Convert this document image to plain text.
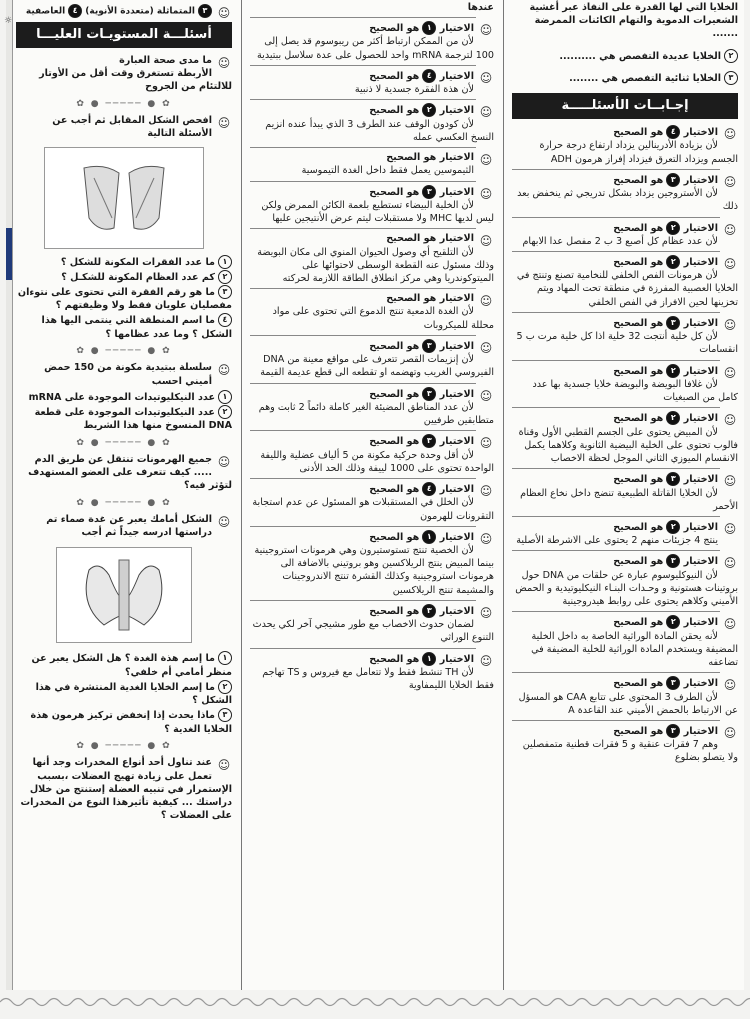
☼
الخلايا التي لها القدرة على النفاذ عبر أغشية الشعيرات الدموية والتهام الكائنات الممرضة .......
٢الخلايا عديدة التفصص هي ..........
٣الخلايا ثنائية التفصص هي ........
إجـابــات الأسئلـــــة
☺
الاختيار ٤هو الصحيح
لأن بزيادة الأدرينالين يزداد ارتفاع درجة حرارة الجسم ويزداد التعرق فيزداد إفراز هرمون ADH
☺
الاختيار ٣هو الصحيح
لأن الأستروجين يزداد بشكل تدريجي ثم ينخفض بعد ذلك
☺
الاختيار ٢هو الصحيح
لأن عدد عظام كل أصبع 3 ب 2 مفصل عدا الابهام
☺
الاختيار ٢هو الصحيح
لأن هرمونات الفص الخلفي للنخامية تصنع وتنتج في الخلايا العصبية المفرزة في منطقة تحت المهاد ويتم تخزينها لحين الافراز في الفص الخلفي
☺
الاختيار ٣هو الصحيح
لأن كل خلية أنتجت 32 خلية اذا كل خلية مرت ب 5 انقسامات
☺
الاختيار ٢هو الصحيح
لأن غلافا البويضة والبويضة خلايا جسدية بها عدد كامل من الصبغيات
☺
الاختيار ٢هو الصحيح
لأن المبيض يحتوى على الجسم القطبي الأول وقناة فالوب تحتوى على الخلية البيضية الثانوية وكلاهما يكمل الانقسام الميوزي الثاني الموجل لحظة الاخصاب
☺
الاختيار ٣هو الصحيح
لأن الخلايا القاتلة الطبيعية تنضج داخل نخاع العظام الأحمر
☺
الاختيار ٢هو الصحيح
ينتج 4 جزيئات منهم 2 يحتوى على الاشرطة الأصلية
☺
الاختيار ٣هو الصحيح
لأن النيوكليوسوم عبارة عن حلقات من DNA حول بروتينات هستونية و وحـدات البنـاء النيكليوتيدية و الحمض الأميني وكلاهم يحتوى على روابط هيدروجينية
☺
الاختيار ٢هو الصحيح
لأنه يحقن المادة الوراثية الخاصة به داخل الخلية المضيفة ويستخدم المادة الوراثية للخلية المضيفة في تضاعفه
☺
الاختيار ٣هو الصحيح
لأن الطرف 3 المحتوى على تتابع CAA هو المسؤل عن الارتباط بالحمض الأميني عند القاعدة A
☺
الاختيار ٣هو الصحيح
وهم 7 فقرات عنقية و 5 فقرات قطنية متمفصلين ولا يتصلو بضلوع
عندها
☺
الاختيار ١هو الصحيح
لأن من الممكن ارتباط أكثر من ريبوسوم قد يصل إلى 100 لترجمة mRNA واحد للحصول على عدة سلاسل ببتيدية
☺
الاختيار ٤هو الصحيح
لأن هذة الفقرة جسدية لا ذنبية
☺
الاختيار ٢هو الصحيح
لأن كودون الوقف عند الطرف 3 الذي يبدأ عنده انزيم النسخ العكسي عمله
☺
الاختيار هو الصحيح
الثيموسين يعمل فقط داخل الغدة التيموسية
☺
الاختيار ٣هو الصحيح
لأن الخلية البيضاء تستطيع بلعمة الكائن الممرض ولكن ليس لديها MHC ولا مستقبلات ليتم عرض الأنتيجين عليها
☺
الاختيار هو الصحيح
لأن التلقيح أي وصول الحيوان المنوي الى مكان البويضة وذلك مسئول عنه القطعة الوسطى لاحتوائها على الميتوكوندريا وهي مركز انطلاق الطاقة اللازمة لحركته
☺
الاختيار هو الصحيح
لأن الغدة الدمعية تنتج الدموع التي تحتوى على مواد محللة للميكروبات
☺
الاختيار ٣هو الصحيح
لأن إنزيمات القصر تتعرف على مواقع معينة من DNA الفيروسي الغريب وتهضمه او تقطعه الى قطع عديمة القيمة
☺
الاختيار ٣هو الصحيح
لأن عدد المناطق المضيئة الغير كاملة دائماً 2 ثابت وهم متطابقين طرفيين
☺
الاختيار ٣هو الصحيح
لأن أقل وحدة حركية مكونة من 5 ألياف عضلية والليفة الواحدة تحتوى على 1000 لييفة وذلك الحد الأدنى
☺
الاختيار ٤هو الصحيح
لأن الخلل في المستقبلات هو المسئول عن عدم استجابة التقرونات للهرمون
☺
الاختيار ١هو الصحيح
لأن الخصية تنتج تستوستيرون وهي هرمونات استروجينية بينما المبيض ينتج الريلاكسين وهو بروتيني بالاضافة الى هرمونات استروجينية وكذلك القشرة تنتج الاندروجينات والمشيمة تنتج الريلاكسين
☺
الاختيار ٣هو الصحيح
لضمان حدوث الاخصاب مع طور مشيجي آخر لكي يحدث التنوع الوراثي
☺
الاختيار ١هو الصحيح
لأن TH تنشط فقط ولا تتعامل مع فيروس و TS تهاجم فقط الخلايا الليمفاوية
☺
٣المتماثلة (متعددة الأنوية) ٤العاصفية
أسئلـــة المستويـات العليـــا
☺
ما مدى صحة العبارة
الأربطة تستغرق وقت أقل من الأوتار للالتئام من الجروح
✿ ● ───── ● ✿
☺
افحص الشكل المقابل ثم أجب عن الأسئلة التالية
١ما عدد الفقرات المكونة للشكل ؟
٢كم عدد العظام المكونة للشكـل ؟
٣ما هو رقم الفقرة التي تحتوى على نتوءان مفصليان علويان فقط ولا وظيفتهم ؟
٤ما اسم المنطقة التي ينتمى اليها هذا الشكل ؟ وما عدد عظامها ؟
✿ ● ───── ● ✿
☺
سلسلة ببتيدية مكونة من 150 حمض أميني احسب
١عدد النيكليوتيدات الموجودة على mRNA
٢عدد النيكليوتيدات الموجودة على قطعة DNA المنسوخ منها هذا الشريط
✿ ● ───── ● ✿
☺
جميع الهرمونات تنتقل عن طريق الدم ..... كيف تتعرف على العضو المستهدف لتؤثر فيه؟
✿ ● ───── ● ✿
☺
الشكل أمامك يعبر عن غدة صماء تم دراستها ادرسه جيداً ثم أجب
١ما إسم هذة الغدة ؟ هل الشكل يعبر عن منظر أمامي أم خلفي؟
٢ما إسم الخلايا الغدية المنتشرة في هذا الشكل ؟
٣ماذا يحدث إذا إنخفض تركيز هرمون هذة الخلايا الغدية ؟
✿ ● ───── ● ✿
☺
عند تناول أحد أنواع المخدرات وجد أنها تعمل على زيادة تهيج العضلات ،بسبب الإستمرار في تنبيه العضلة إستنتج من خلال دراستك ... كيفية تأثيرهذا النوع من المخدرات على العضلات ؟
